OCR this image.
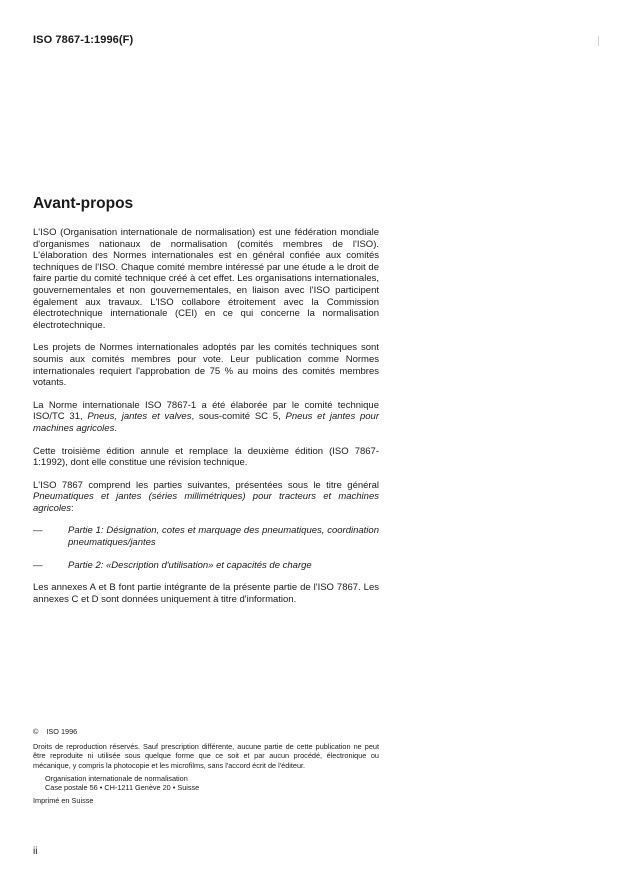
ISO 7867-1:1996(F)
Avant-propos

L'ISO (Organisation internationale de normalisation) est une fédération mondiale d'organismes nationaux de normalisation (comités membres de l'ISO). L'élaboration des Normes internationales est en général confiée aux comités techniques de l'ISO. Chaque comité membre intéressé par une étude a le droit de faire partie du comité technique créé à cet effet. Les organisations internationales, gouvernementales et non gouvernementales, en liaison avec l'ISO participent également aux travaux. L'ISO collabore étroitement avec la Commission électrotechnique internationale (CEI) en ce qui concerne la normalisation électrotechnique.

Les projets de Normes internationales adoptés par les comités techniques sont soumis aux comités membres pour vote. Leur publication comme Normes internationales requiert l'approbation de 75 % au moins des comités membres votants.

La Norme internationale ISO 7867-1 a été élaborée par le comité technique ISO/TC 31, Pneus, jantes et valves, sous-comité SC 5, Pneus et jantes pour machines agricoles.

Cette troisième édition annule et remplace la deuxième édition (ISO 7867-1:1992), dont elle constitue une révision technique.

L'ISO 7867 comprend les parties suivantes, présentées sous le titre général Pneumatiques et jantes (séries millimétriques) pour tracteurs et machines agricoles:

—	Partie 1: Désignation, cotes et marquage des pneumatiques, coordination pneumatiques/jantes
—	Partie 2: «Description d'utilisation» et capacités de charge

Les annexes A et B font partie intégrante de la présente partie de l'ISO 7867. Les annexes C et D sont données uniquement à titre d'information.

© ISO 1996
Droits de reproduction réservés. Sauf prescription différente, aucune partie de cette publication ne peut être reproduite ni utilisée sous quelque forme que ce soit et par aucun procédé, électronique ou mécanique, y compris la photocopie et les microfilms, sans l'accord écrit de l'éditeur.
Organisation internationale de normalisation
Case postale 56 • CH-1211 Genève 20 • Suisse
Imprimé en Suisse
ii
